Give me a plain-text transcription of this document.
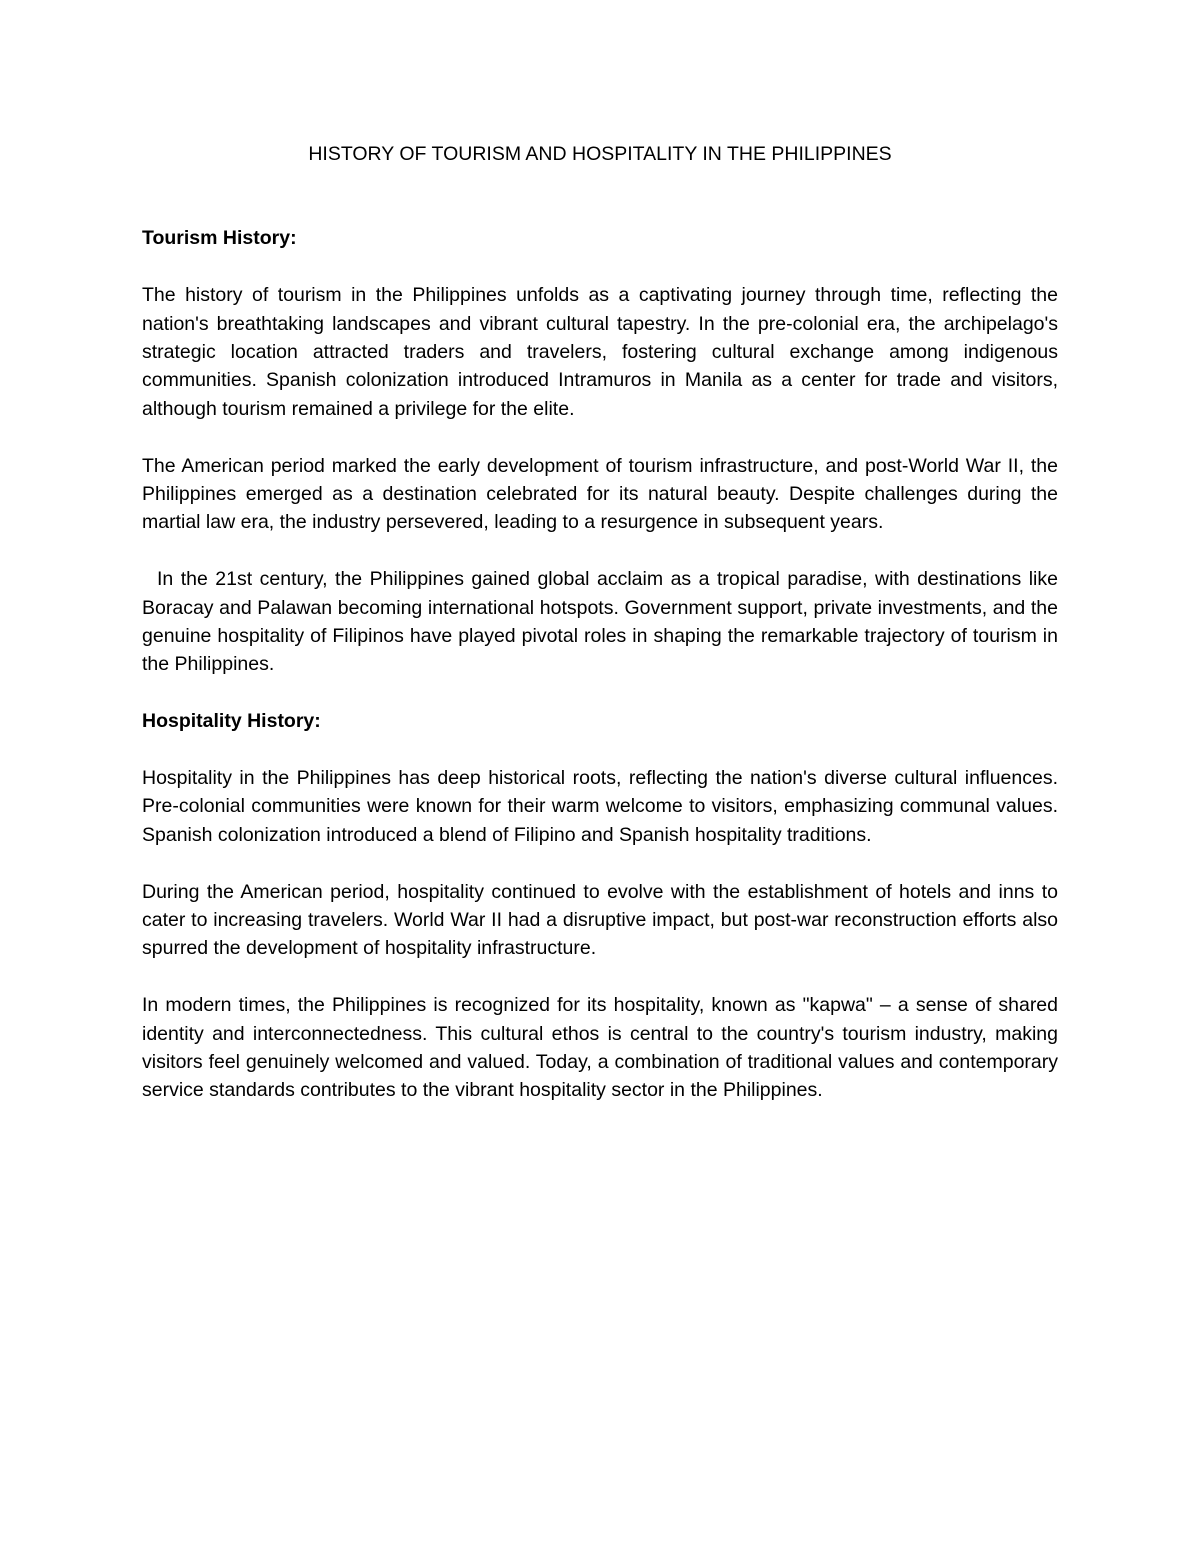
HISTORY OF TOURISM AND HOSPITALITY IN THE PHILIPPINES
Tourism History:

The history of tourism in the Philippines unfolds as a captivating journey through time, reflecting the nation's breathtaking landscapes and vibrant cultural tapestry. In the pre-colonial era, the archipelago's strategic location attracted traders and travelers, fostering cultural exchange among indigenous communities. Spanish colonization introduced Intramuros in Manila as a center for trade and visitors, although tourism remained a privilege for the elite.

The American period marked the early development of tourism infrastructure, and post-World War II, the Philippines emerged as a destination celebrated for its natural beauty. Despite challenges during the martial law era, the industry persevered, leading to a resurgence in subsequent years.

In the 21st century, the Philippines gained global acclaim as a tropical paradise, with destinations like Boracay and Palawan becoming international hotspots. Government support, private investments, and the genuine hospitality of Filipinos have played pivotal roles in shaping the remarkable trajectory of tourism in the Philippines.

Hospitality History:

Hospitality in the Philippines has deep historical roots, reflecting the nation's diverse cultural influences. Pre-colonial communities were known for their warm welcome to visitors, emphasizing communal values. Spanish colonization introduced a blend of Filipino and Spanish hospitality traditions.

During the American period, hospitality continued to evolve with the establishment of hotels and inns to cater to increasing travelers. World War II had a disruptive impact, but post-war reconstruction efforts also spurred the development of hospitality infrastructure.

In modern times, the Philippines is recognized for its hospitality, known as "kapwa" – a sense of shared identity and interconnectedness. This cultural ethos is central to the country's tourism industry, making visitors feel genuinely welcomed and valued. Today, a combination of traditional values and contemporary service standards contributes to the vibrant hospitality sector in the Philippines.
